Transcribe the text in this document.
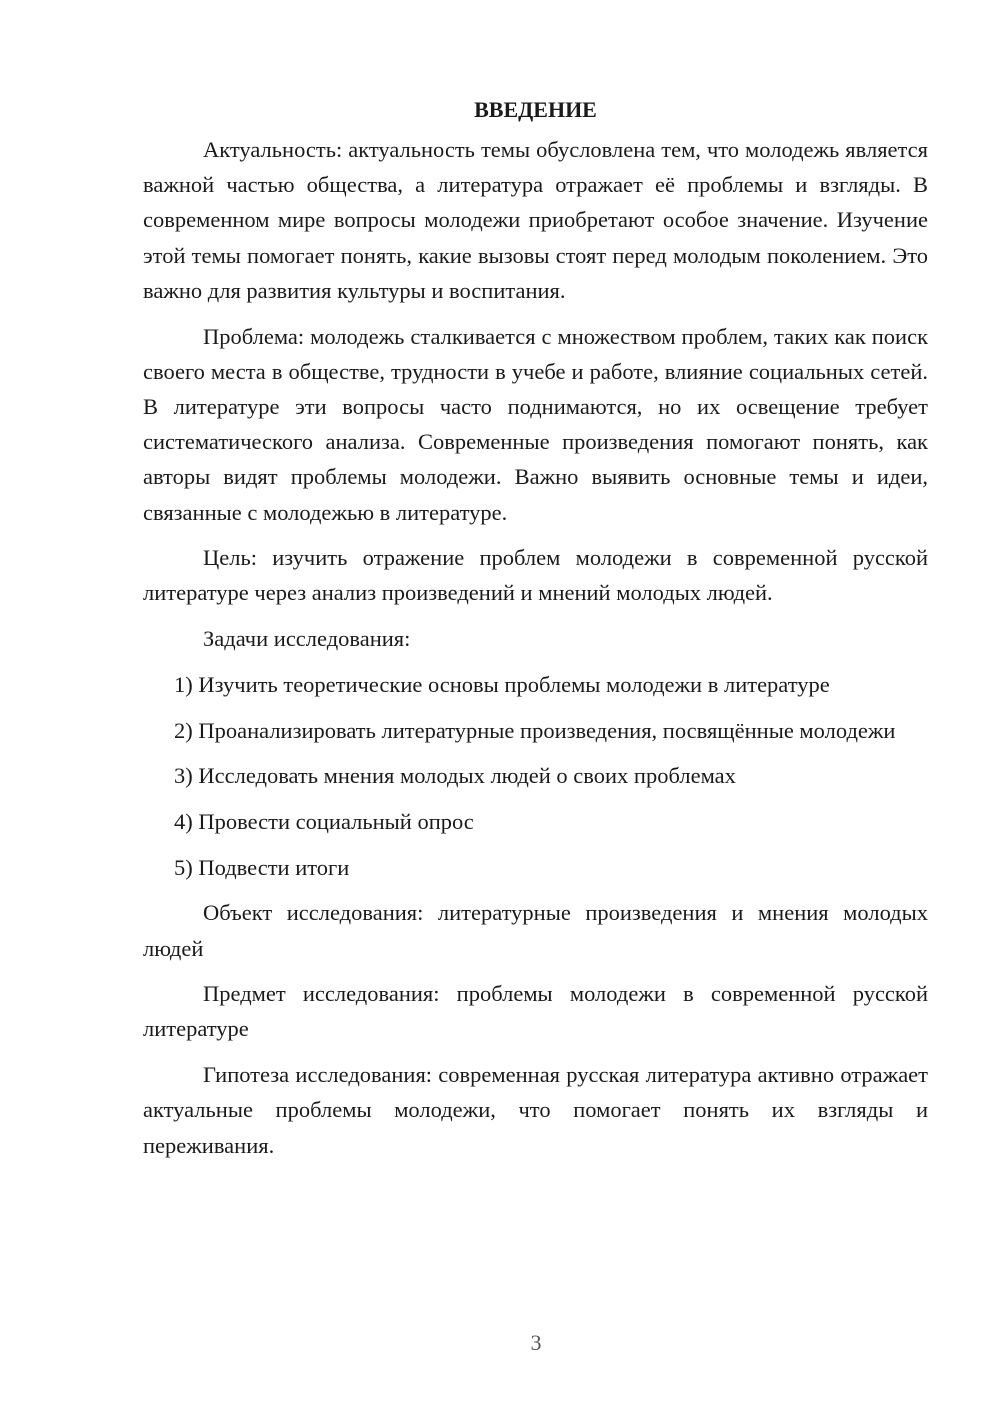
ВВЕДЕНИЕ

Актуальность: актуальность темы обусловлена тем, что молодежь является важной частью общества, а литература отражает её проблемы и взгляды. В современном мире вопросы молодежи приобретают особое значение. Изучение этой темы помогает понять, какие вызовы стоят перед молодым поколением. Это важно для развития культуры и воспитания.

Проблема: молодежь сталкивается с множеством проблем, таких как поиск своего места в обществе, трудности в учебе и работе, влияние социальных сетей. В литературе эти вопросы часто поднимаются, но их освещение требует систематического анализа. Современные произведения помогают понять, как авторы видят проблемы молодежи. Важно выявить основные темы и идеи, связанные с молодежью в литературе.

Цель: изучить отражение проблем молодежи в современной русской литературе через анализ произведений и мнений молодых людей.

Задачи исследования:

1) Изучить теоретические основы проблемы молодежи в литературе

2) Проанализировать литературные произведения, посвящённые молодежи

3) Исследовать мнения молодых людей о своих проблемах

4) Провести социальный опрос

5) Подвести итоги

Объект исследования: литературные произведения и мнения молодых людей

Предмет исследования: проблемы молодежи в современной русской литературе

Гипотеза исследования: современная русская литература активно отражает актуальные проблемы молодежи, что помогает понять их взгляды и переживания.

3
